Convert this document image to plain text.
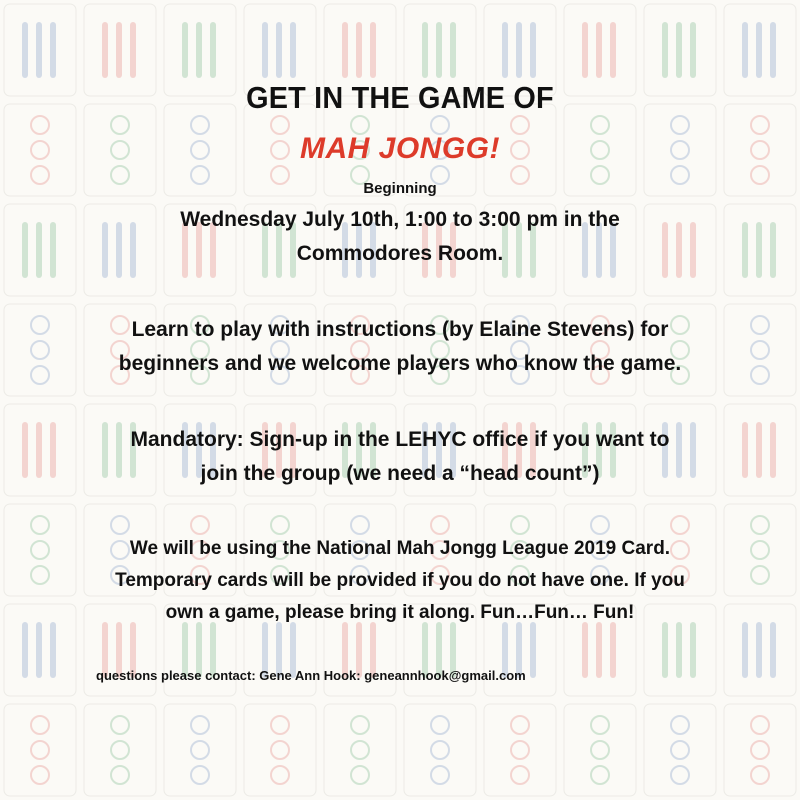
GET IN THE GAME OF
MAH JONGG!
Beginning
Wednesday July 10th, 1:00 to 3:00 pm in the
Commodores Room.
Learn to play with instructions (by Elaine Stevens) for
beginners and we welcome players who know the game.
Mandatory: Sign-up in the LEHYC office if you want to
join the group (we need a “head count”)
We will be using the National Mah Jongg League 2019 Card.
Temporary cards will be provided if you do not have one. If you
own a game, please bring it along. Fun…Fun… Fun!
questions please contact: Gene Ann Hook: geneannhook@gmail.com
